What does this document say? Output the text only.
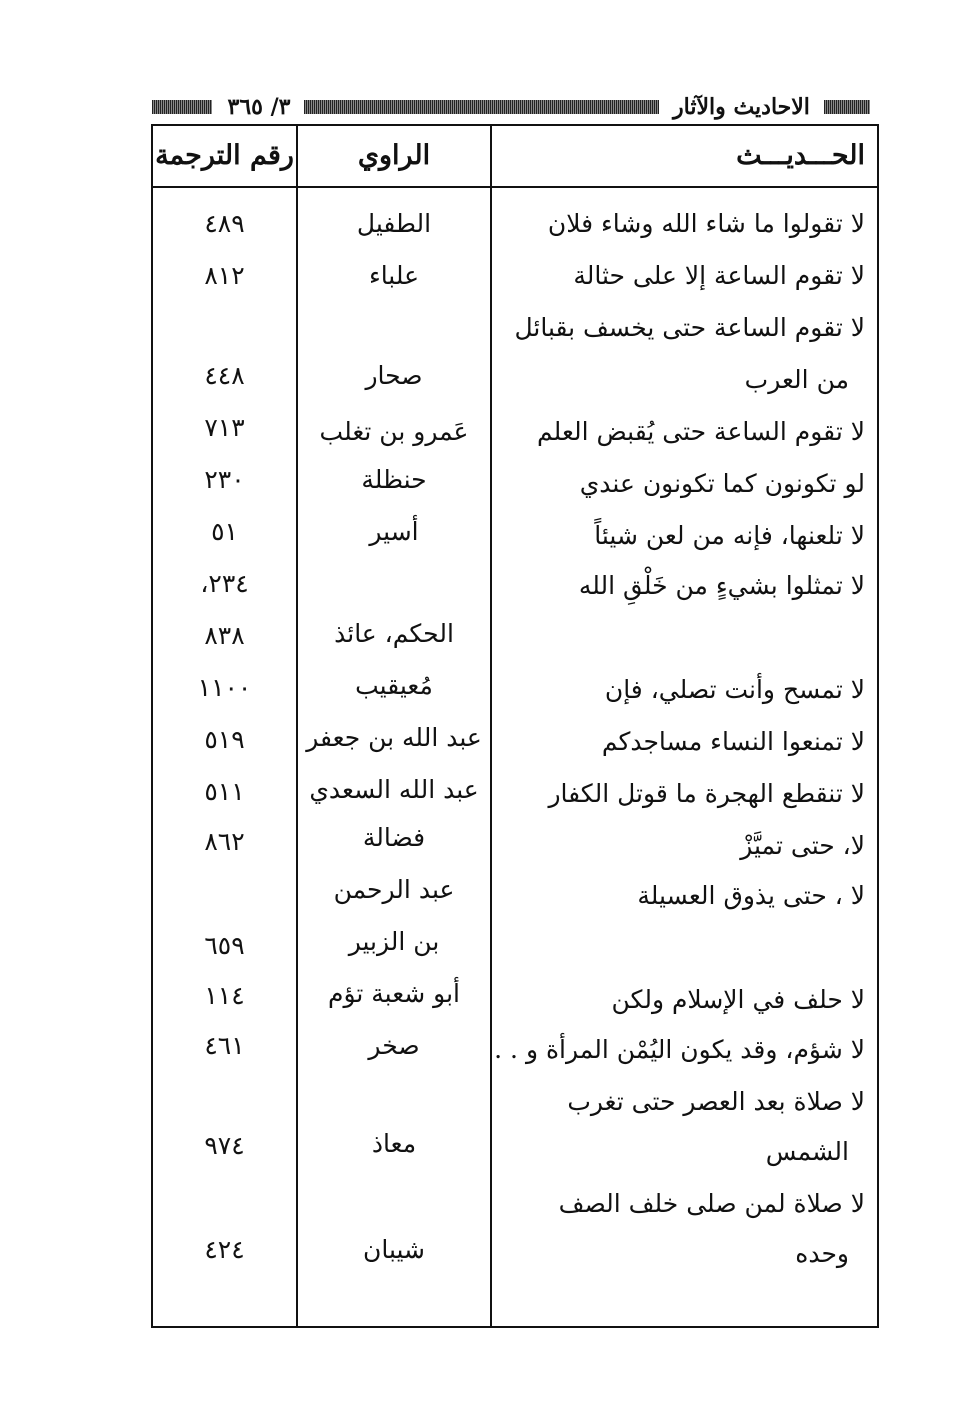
٣/ ٣٦٥	الاحاديث والآثار
الحـــديـــث
الراوي
رقم الترجمة
لا تقولوا ما شاء الله وشاء فلان
لا تقوم الساعة إلا على حثالة
لا تقوم الساعة حتى يخسف بقبائل
من العرب
لا تقوم الساعة حتى يُقبض العلم
لو تكونون كما تكونون عندي
لا تلعنها، فإنه من لعن شيئاً
لا تمثلوا بشيءٍ من خَلْقِ الله
لا تمسح وأنت تصلي، فإن
لا تمنعوا النساء مساجدكم
لا تنقطع الهجرة ما قوتل الكفار
لا، حتى تميَّزْ
لا ، حتى يذوق العسيلة
لا حلف في الإسلام ولكن
لا شؤم، وقد يكون اليُمْن المرأة و . .
لا صلاة بعد العصر حتى تغرب
الشمس
لا صلاة لمن صلى خلف الصف
وحده
الطفيل
علباء
صحار
عَمرو بن تغلب
حنظلة
أسير
الحكم، عائذ
مُعيقيب
عبد الله بن جعفر
عبد الله السعدي
فضالة
عبد الرحمن
بن الزبير
أبو شعبة تؤم
صخر
معاذ
شيبان
٤٨٩
٨١٢
٤٤٨
٧١٣
٢٣٠
٥١
٢٣٤،
٨٣٨
١١٠٠
٥١٩
٥١١
٨٦٢
٦٥٩
١١٤
٤٦١
٩٧٤
٤٢٤
